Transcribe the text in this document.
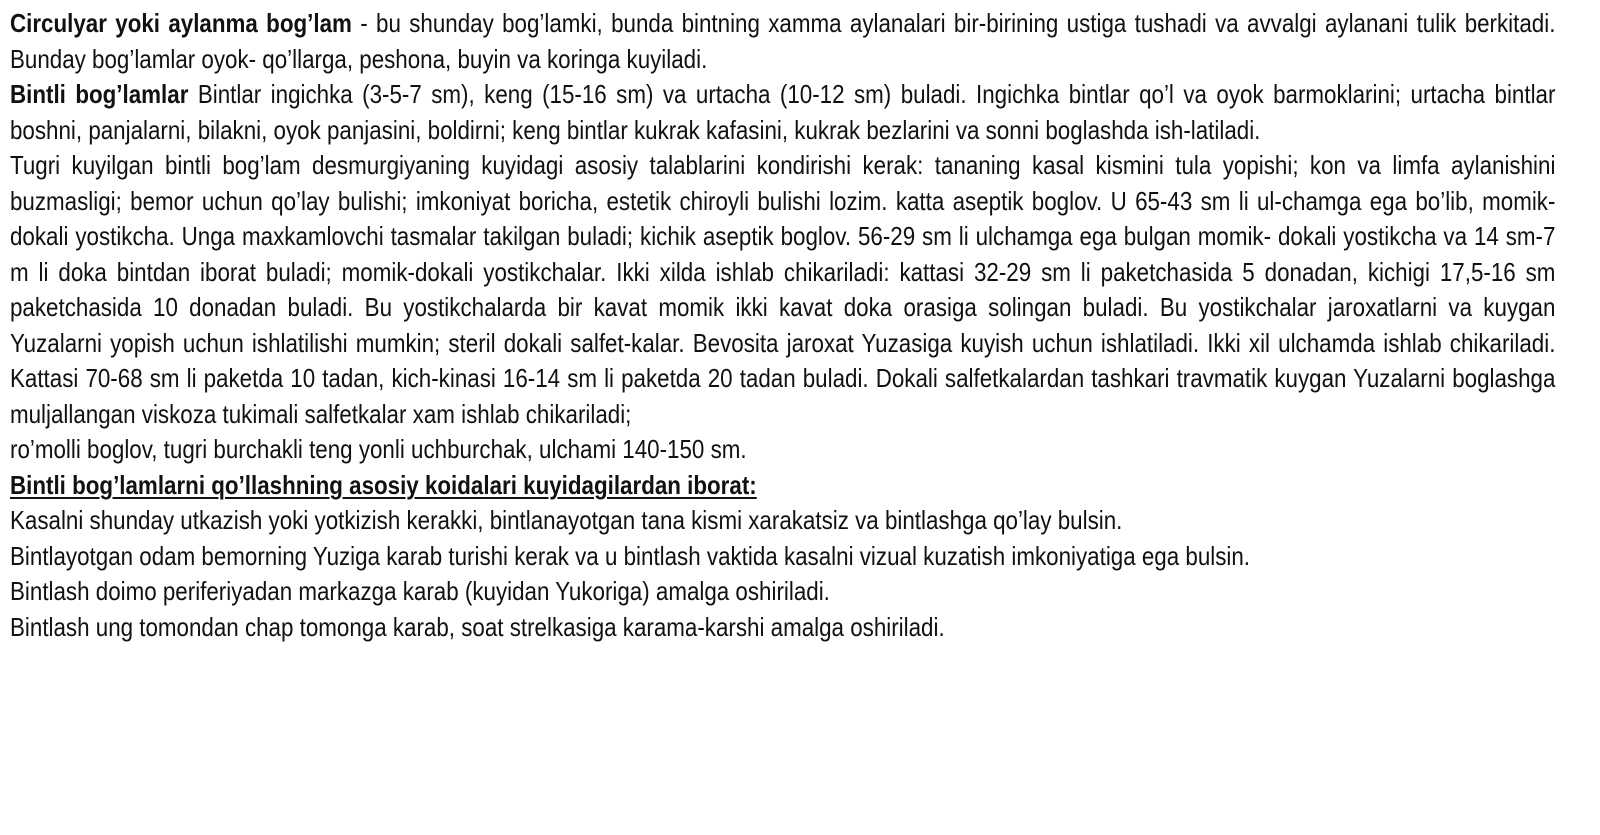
Circulyar yoki aylanma bog’lam - bu shunday bog’lamki, bunda bintning xamma aylanalari bir-birining ustiga tushadi va avvalgi aylanani tulik berkitadi. Bunday bog’lamlar oyok- qo’llarga, peshona, buyin va koringa kuyiladi.

Bintli bog’lamlar Bintlar ingichka (3-5-7 sm), keng (15-16 sm) va urtacha (10-12 sm) buladi. Ingichka bintlar qo’l va oyok barmoklarini; urtacha bintlar boshni, panjalarni, bilakni, oyok panjasini, boldirni; keng bintlar kukrak kafasini, kukrak bezlarini va sonni boglashda ish-latiladi.

Tugri kuyilgan bintli bog’lam desmurgiyaning kuyidagi asosiy talablarini kondirishi kerak: tananing kasal kismini tula yopishi; kon va limfa aylanishini buzmasligi; bemor uchun qo’lay bulishi; imkoniyat boricha, estetik chiroyli bulishi lozim. katta aseptik boglov. U 65-43 sm li ul-chamga ega bo’lib, momik-dokali yostikcha. Unga maxkamlovchi tasmalar takilgan buladi; kichik aseptik boglov. 56-29 sm li ulchamga ega bulgan momik- dokali yostikcha va 14 sm-7 m li doka bintdan iborat buladi; momik-dokali yostikchalar. Ikki xilda ishlab chikariladi: kattasi 32-29 sm li paketchasida 5 donadan, kichigi 17,5-16 sm paketchasida 10 donadan buladi. Bu yostikchalarda bir kavat momik ikki kavat doka orasiga solingan buladi. Bu yostikchalar jaroxatlarni va kuygan Yuzalarni yopish uchun ishlatilishi mumkin; steril dokali salfet-kalar. Bevosita jaroxat Yuzasiga kuyish uchun ishlatiladi. Ikki xil ulchamda ishlab chikariladi. Kattasi 70-68 sm li paketda 10 tadan, kich-kinasi 16-14 sm li paketda 20 tadan buladi. Dokali salfetkalardan tashkari travmatik kuygan Yuzalarni boglashga muljallangan viskoza tukimali salfetkalar xam ishlab chikariladi;

ro’molli boglov, tugri burchakli teng yonli uchburchak, ulchami 140-150 sm.

Bintli bog’lamlarni qo’llashning asosiy koidalari kuyidagilardan iborat:

Kasalni shunday utkazish yoki yotkizish kerakki, bintlanayotgan tana kismi xarakatsiz va bintlashga qo’lay bulsin.

Bintlayotgan odam bemorning Yuziga karab turishi kerak va u bintlash vaktida kasalni vizual kuzatish imkoniyatiga ega bulsin.

Bintlash doimo periferiyadan markazga karab (kuyidan Yukoriga) amalga oshiriladi.

Bintlash ung tomondan chap tomonga karab, soat strelkasiga karama-karshi amalga oshiriladi.
